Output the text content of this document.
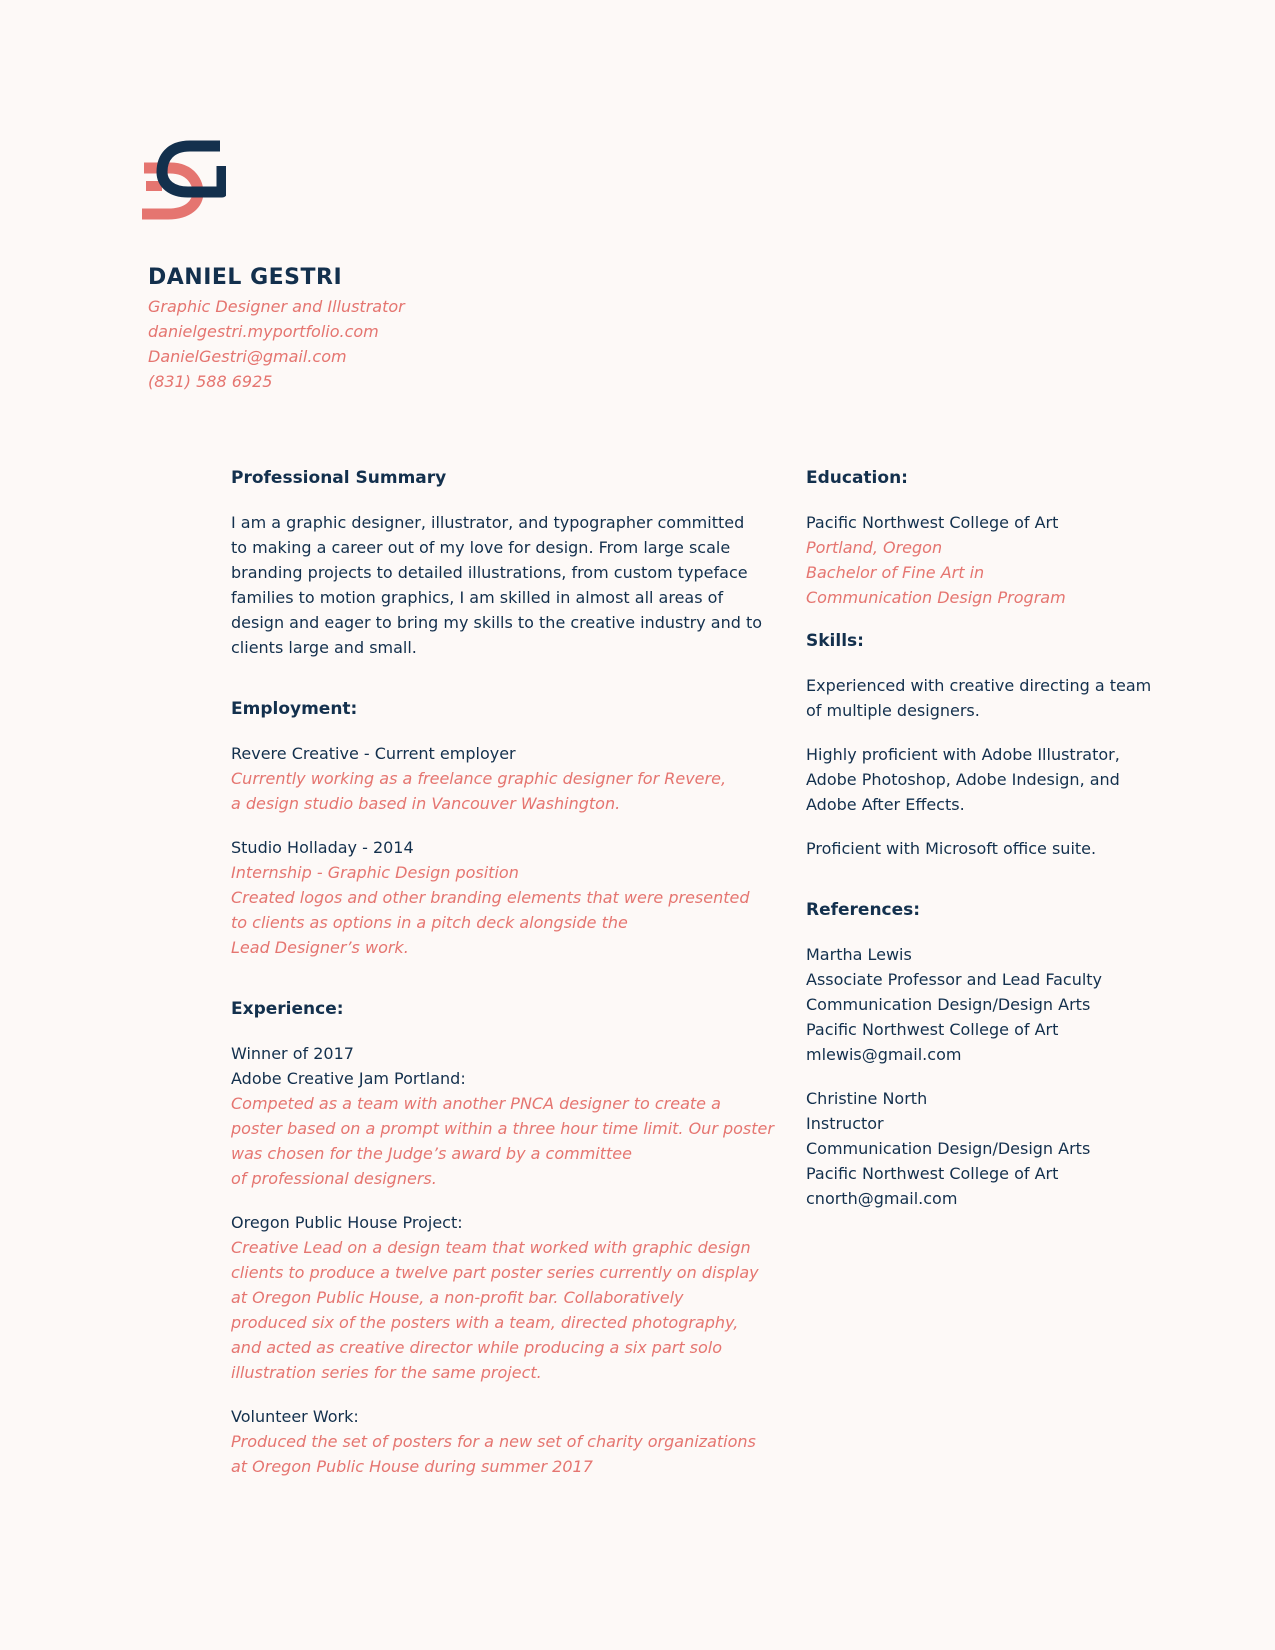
DANIEL GESTRI
Graphic Designer and Illustrator
danielgestri.myportfolio.com
DanielGestri@gmail.com
(831) 588 6925
Professional Summary
I am a graphic designer, illustrator, and typographer committed
to making a career out of my love for design. From large scale
branding projects to detailed illustrations, from custom typeface
families to motion graphics, I am skilled in almost all areas of
design and eager to bring my skills to the creative industry and to
clients large and small.
Employment:
Revere Creative - Current employer
Currently working as a freelance graphic designer for Revere,
a design studio based in Vancouver Washington.
Studio Holladay - 2014
Internship - Graphic Design position
Created logos and other branding elements that were presented
to clients as options in a pitch deck alongside the
Lead Designer’s work.
Experience:
Winner of 2017
Adobe Creative Jam Portland:
Competed as a team with another PNCA designer to create a
poster based on a prompt within a three hour time limit. Our poster
was chosen for the Judge’s award by a committee
of professional designers.
Oregon Public House Project:
Creative Lead on a design team that worked with graphic design
clients to produce a twelve part poster series currently on display
at Oregon Public House, a non-profit bar. Collaboratively
produced six of the posters with a team, directed photography,
and acted as creative director while producing a six part solo
illustration series for the same project.
Volunteer Work:
Produced the set of posters for a new set of charity organizations
at Oregon Public House during summer 2017
Education:
Pacific Northwest College of Art
Portland, Oregon
Bachelor of Fine Art in
Communication Design Program
Skills:
Experienced with creative directing a team
of multiple designers.
Highly proficient with Adobe Illustrator,
Adobe Photoshop, Adobe Indesign, and
Adobe After Effects.
Proficient with Microsoft office suite.
References:
Martha Lewis
Associate Professor and Lead Faculty
Communication Design/Design Arts
Pacific Northwest College of Art
mlewis@gmail.com
Christine North
Instructor
Communication Design/Design Arts
Pacific Northwest College of Art
cnorth@gmail.com
